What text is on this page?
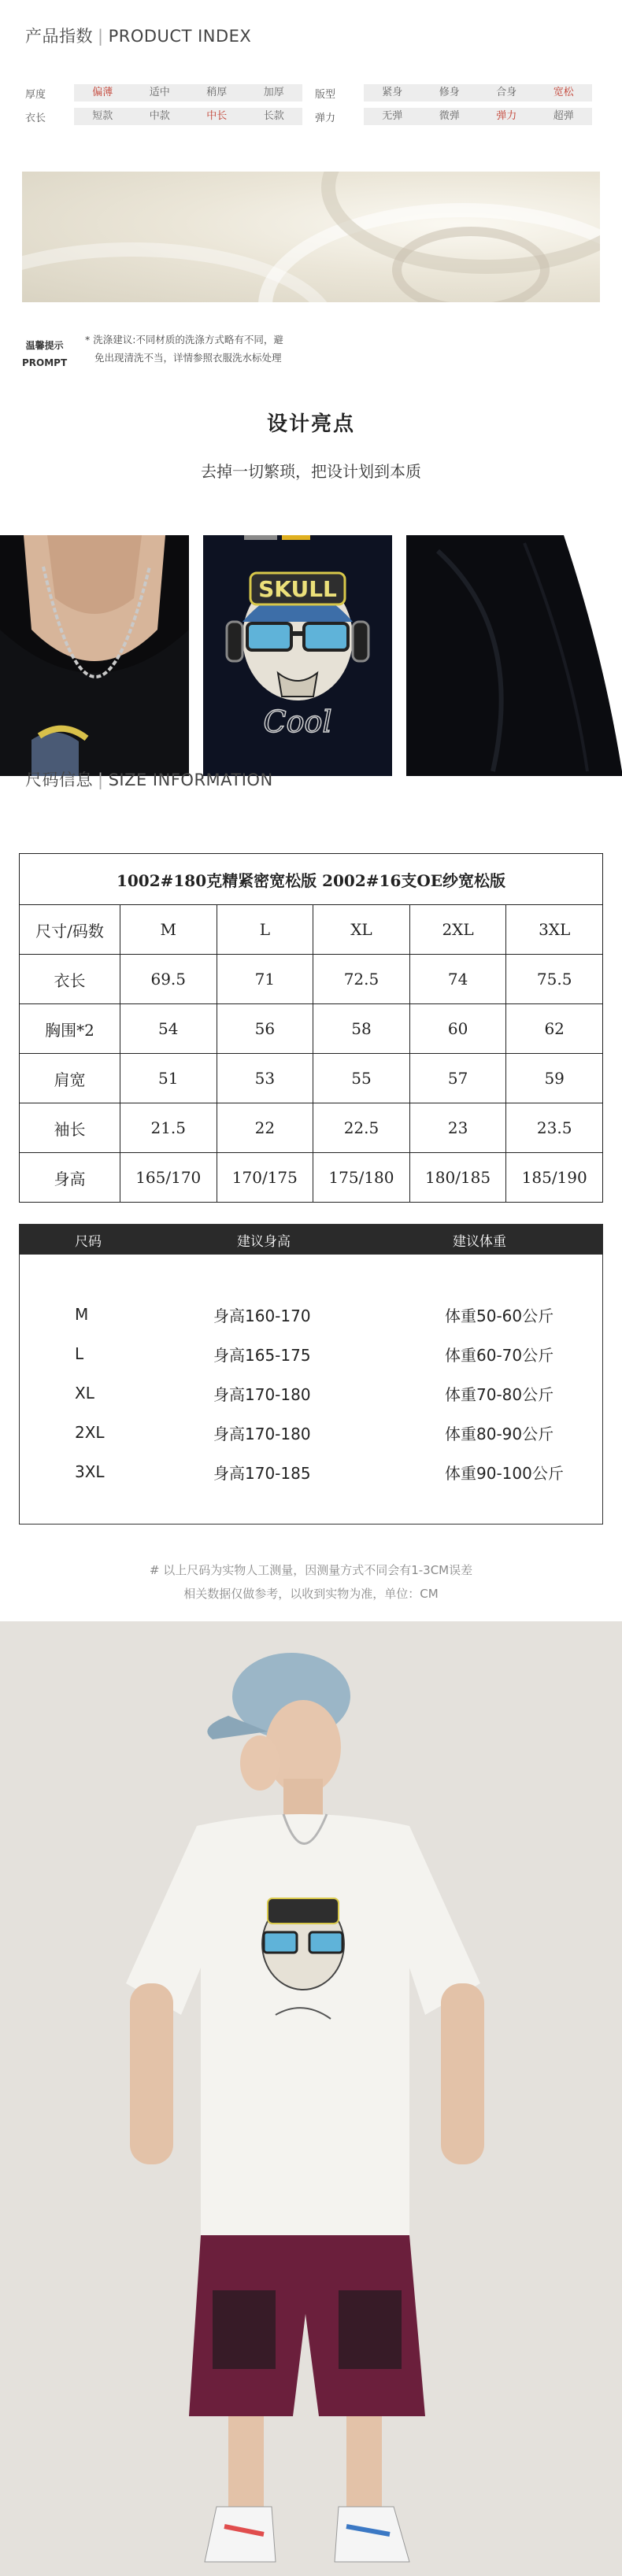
产品指数 | PRODUCT INDEX
厚度	偏薄	适中	稍厚	加厚
衣长	短款	中款	中长	长款
版型	紧身	修身	合身	宽松
弹力	无弹	微弹	弹力	超弹
温馨提示
PROMPT
* 洗涤建议:不同材质的洗涤方式略有不同，避
免出现清洗不当，详情参照衣服洗水标处理
设计亮点
去掉一切繁琐，把设计划到本质
SKULL
Cool
尺码信息 | SIZE INFORMATION
1002#180克精紧密宽松版 2002#16支OE纱宽松版					
尺寸/码数	M	L	XL	2XL	3XL
衣长	69.5	71	72.5	74	75.5
胸围*2	54	56	58	60	62
肩宽	51	53	55	57	59
袖长	21.5	22	22.5	23	23.5
身高	165/170	170/175	175/180	180/185	185/190
尺码	建议身高	建议体重
M	身高160-170	体重50-60公斤
L	身高165-175	体重60-70公斤
XL	身高170-180	体重70-80公斤
2XL	身高170-180	体重80-90公斤
3XL	身高170-185	体重90-100公斤
# 以上尺码为实物人工测量，因测量方式不同会有1-3CM误差
相关数据仅做参考，以收到实物为准，单位：CM
